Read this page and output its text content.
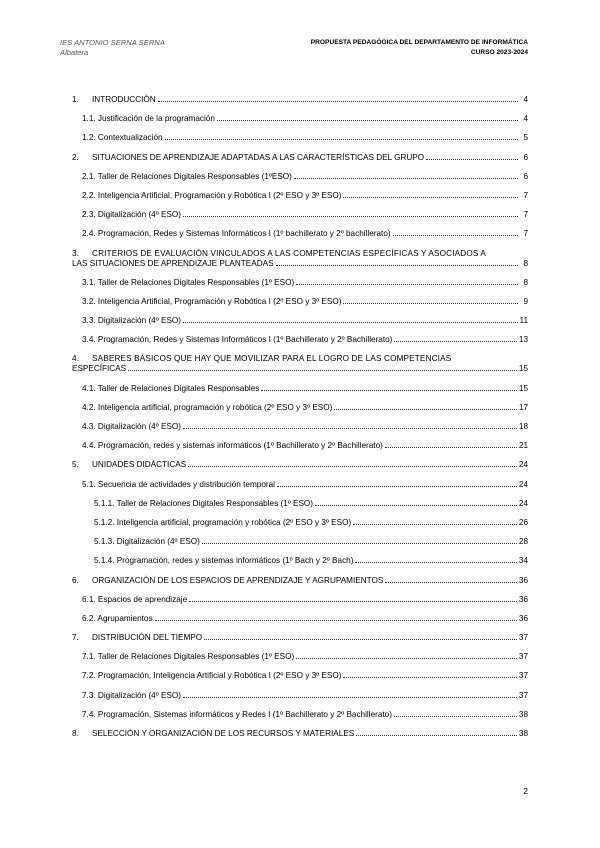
IES ANTONIO SERNA SERNA
Albatera
PROPUESTA PEDAGÓGICA DEL DEPARTAMENTO DE INFORMÁTICA
CURSO 2023-2024
1.	INTRODUCCIÓN	4
1.1. Justificación de la programación	4
1.2. Contextualización	5
2.	SITUACIONES DE APRENDIZAJE ADAPTADAS A LAS CARACTERÍSTICAS DEL GRUPO	6
2.1. Taller de Relaciones Digitales Responsables (1ºESO)	6
2.2. Inteligencia Artificial, Programación y Robótica I (2º ESO y 3º ESO)	7
2.3. Digitalización (4º ESO)	7
2.4. Programación, Redes y Sistemas Informáticos I (1º bachillerato y 2º bachillerato)	7
3. CRITERIOS DE EVALUACIÓN VINCULADOS A LAS COMPETENCIAS ESPECÍFICAS Y ASOCIADOS A
LAS SITUACIONES DE APRENDIZAJE PLANTEADAS	8
3.1. Taller de Relaciones Digitales Responsables (1º ESO)	8
3.2. Inteligencia Artificial, Programación y Robótica I (2º ESO y 3º ESO)	9
3.3. Digitalización (4º ESO)	11
3.4. Programación, Redes y Sistemas Informáticos I (1º Bachillerato y 2º Bachillerato)	13
4. SABERES BÁSICOS QUE HAY QUE MOVILIZAR PARA EL LOGRO DE LAS COMPETENCIAS
ESPECÍFICAS	15
4.1. Taller de Relaciones Digitales Responsables	15
4.2. Inteligencia artificial, programación y robótica (2º ESO y 3º ESO)	17
4.3. Digitalización (4º ESO)	18
4.4. Programación, redes y sistemas informáticos (1º Bachillerato y 2º Bachillerato)	21
5.	UNIDADES DIDÁCTICAS	24
5.1. Secuencia de actividades y distribución temporal	24
5.1.1. Taller de Relaciones Digitales Responsables (1º ESO)	24
5.1.2. Inteligencia artificial, programación y robótica (2º ESO y 3º ESO)	26
5.1.3. Digitalización (4º ESO)	28
5.1.4. Programación, redes y sistemas informáticos (1º Bach y 2º Bach)	34
6.	ORGANIZACIÓN DE LOS ESPACIOS DE APRENDIZAJE Y AGRUPAMIENTOS	36
6.1. Espacios de aprendizaje	36
6.2. Agrupamientos	36
7.	DISTRIBUCIÓN DEL TIEMPO	37
7.1. Taller de Relaciones Digitales Responsables (1º ESO)	37
7.2. Programación, Inteligencia Artificial y Robótica I (2º ESO y 3º ESO)	37
7.3. Digitalización (4º ESO)	37
7.4. Programación, Sistemas informáticos y Redes I (1º Bachillerato y 2º Bachillerato)	38
8.	SELECCIÓN Y ORGANIZACIÓN DE LOS RECURSOS Y MATERIALES	38
2
